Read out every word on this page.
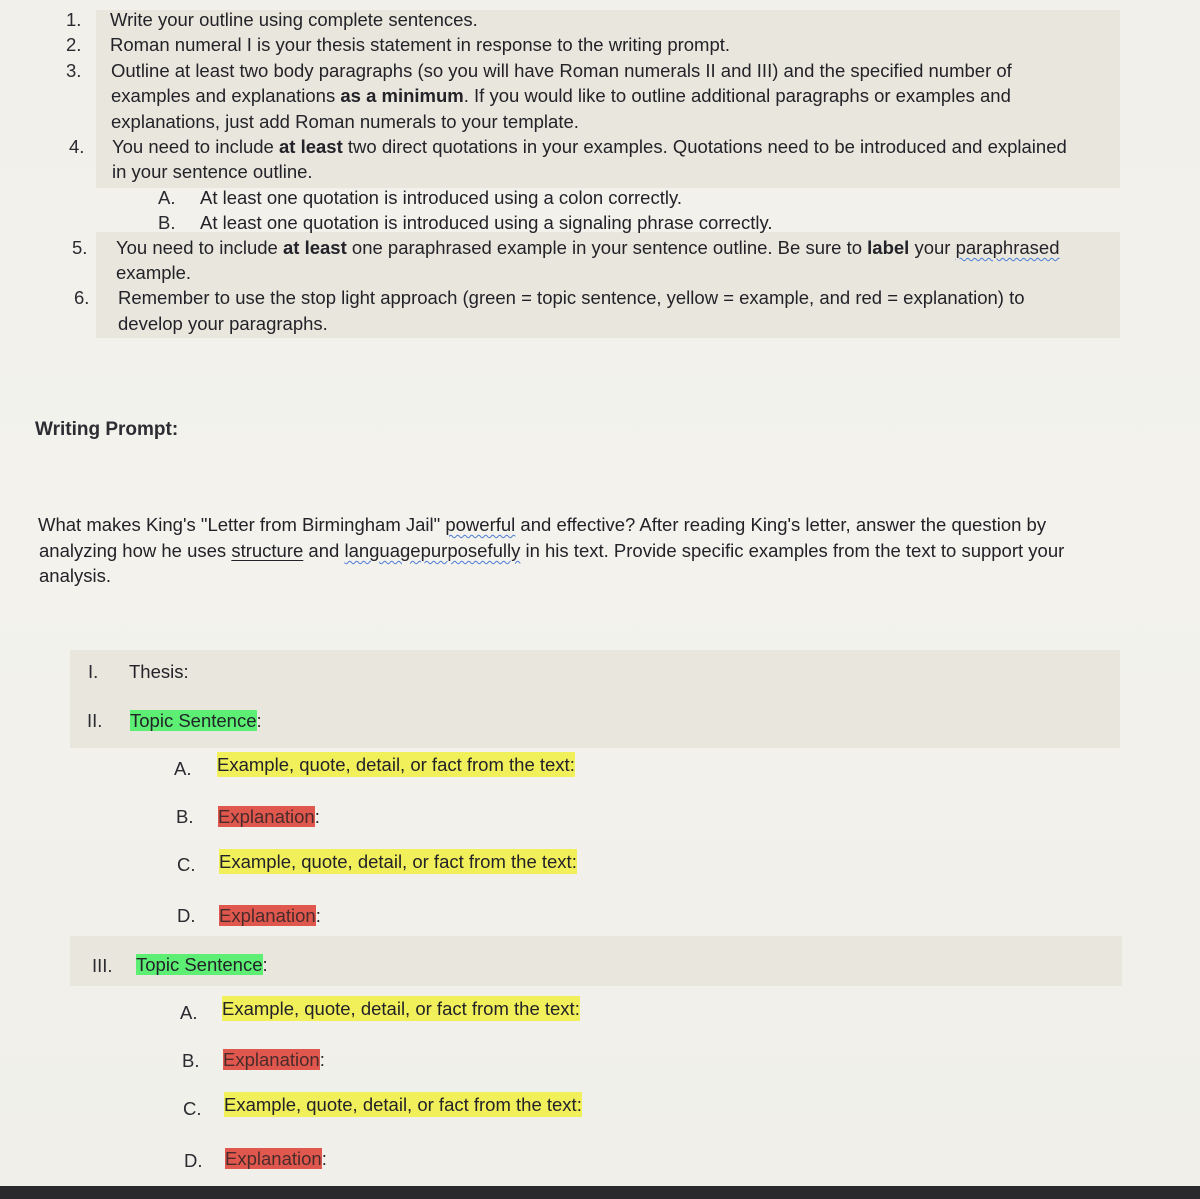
1. Write your outline using complete sentences.
2. Roman numeral I is your thesis statement in response to the writing prompt.
3. Outline at least two body paragraphs (so you will have Roman numerals II and III) and the specified number of
examples and explanations as a minimum. If you would like to outline additional paragraphs or examples and
explanations, just add Roman numerals to your template.
4. You need to include at least two direct quotations in your examples. Quotations need to be introduced and explained
in your sentence outline.
A. At least one quotation is introduced using a colon correctly.
B. At least one quotation is introduced using a signaling phrase correctly.
5. You need to include at least one paraphrased example in your sentence outline. Be sure to label your paraphrased
example.
6. Remember to use the stop light approach (green = topic sentence, yellow = example, and red = explanation) to
develop your paragraphs.
Writing Prompt:
What makes King's "Letter from Birmingham Jail" powerful and effective? After reading King's letter, answer the question by
analyzing how he uses structure and languagepurposefully in his text. Provide specific examples from the text to support your
analysis.
I. Thesis:
II. Topic Sentence:
A. Example, quote, detail, or fact from the text:
B. Explanation:
C. Example, quote, detail, or fact from the text:
D. Explanation:
III. Topic Sentence:
A. Example, quote, detail, or fact from the text:
B. Explanation:
C. Example, quote, detail, or fact from the text:
D. Explanation:
